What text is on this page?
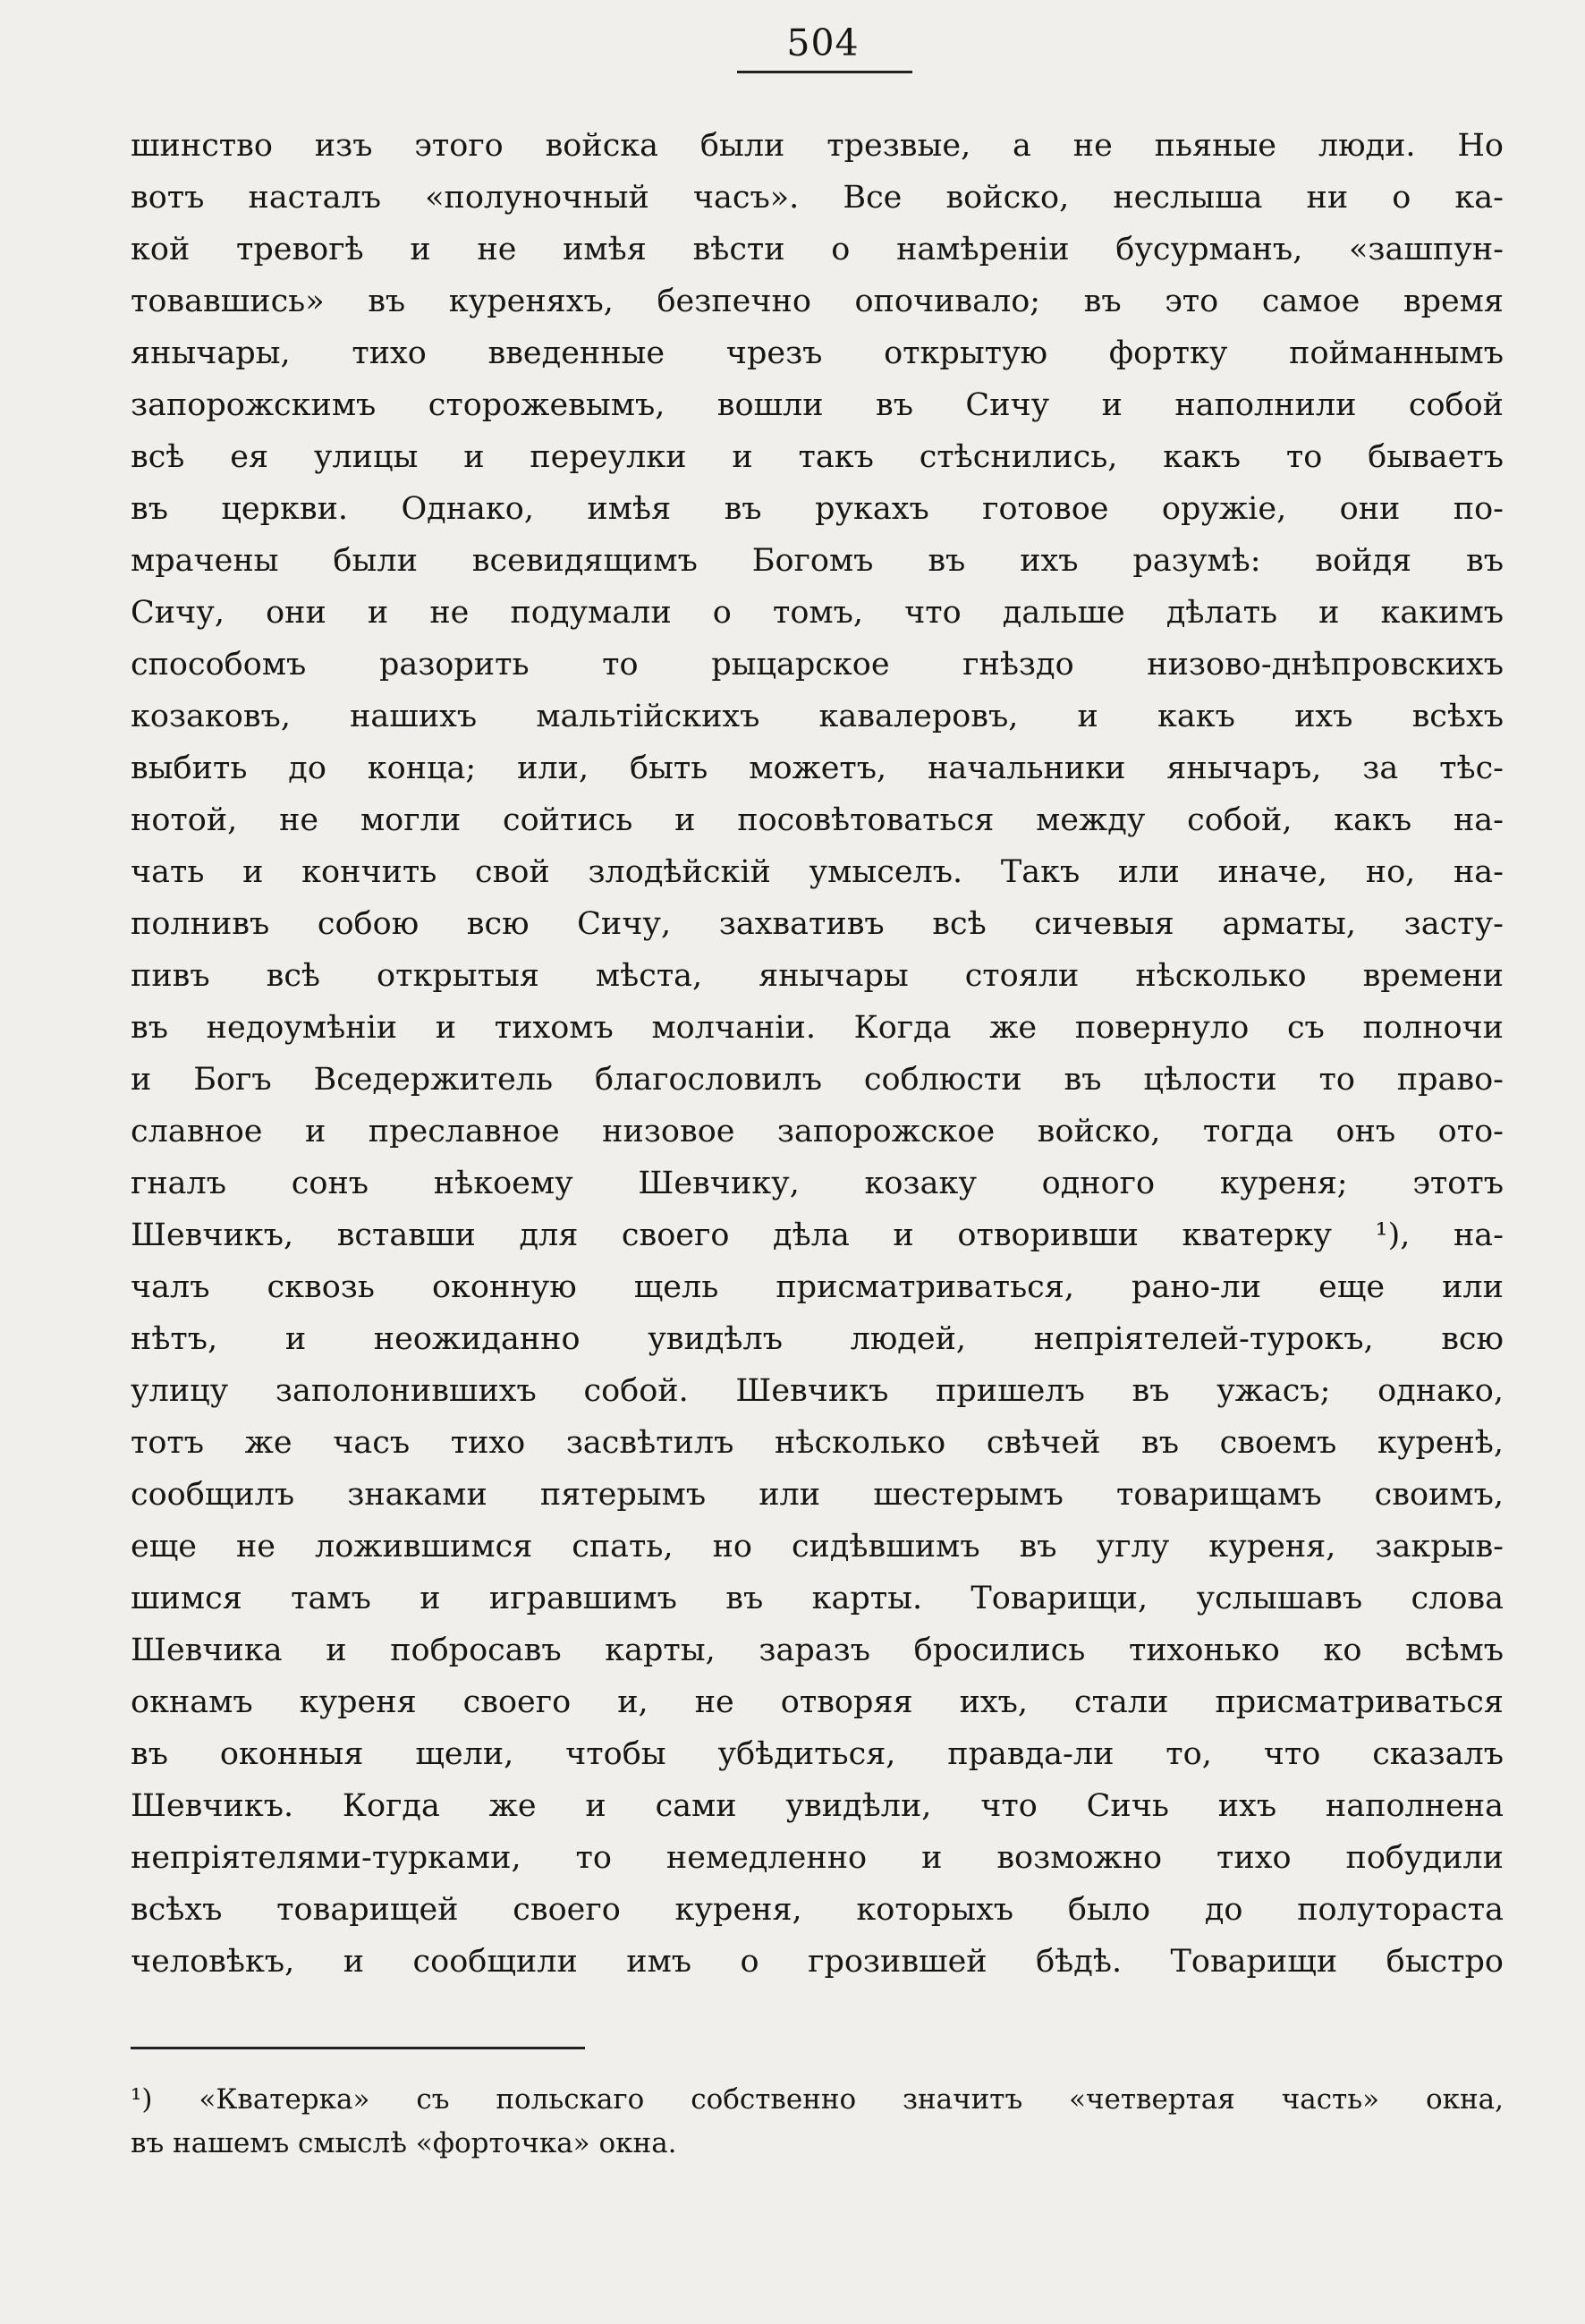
504
шинство изъ этого войска были трезвые, а не пьяные люди. Но
вотъ насталъ «полуночный часъ». Все войско, неслыша ни о ка-
кой тревогѣ и не имѣя вѣсти о намѣреніи бусурманъ, «зашпун-
товавшись» въ куреняхъ, безпечно опочивало; въ это самое время
янычары, тихо введенные чрезъ открытую фортку пойманнымъ
запорожскимъ сторожевымъ, вошли въ Сичу и наполнили собой
всѣ ея улицы и переулки и такъ стѣснились, какъ то бываетъ
въ церкви. Однако, имѣя въ рукахъ готовое оружіе, они по-
мрачены были всевидящимъ Богомъ въ ихъ разумѣ: войдя въ
Сичу, они и не подумали о томъ, что дальше дѣлать и какимъ
способомъ разорить то рыцарское гнѣздо низово-днѣпровскихъ
козаковъ, нашихъ мальтійскихъ кавалеровъ, и какъ ихъ всѣхъ
выбить до конца; или, быть можетъ, начальники янычаръ, за тѣс-
нотой, не могли сойтись и посовѣтоваться между собой, какъ на-
чать и кончить свой злодѣйскій умыселъ. Такъ или иначе, но, на-
полнивъ собою всю Сичу, захвативъ всѣ сичевыя арматы, засту-
пивъ всѣ открытыя мѣста, янычары стояли нѣсколько времени
въ недоумѣніи и тихомъ молчаніи. Когда же повернуло съ полночи
и Богъ Вседержитель благословилъ соблюсти въ цѣлости то право-
славное и преславное низовое запорожское войско, тогда онъ ото-
гналъ сонъ нѣкоему Шевчику, козаку одного куреня; этотъ
Шевчикъ, вставши для своего дѣла и отворивши кватерку ¹), на-
чалъ сквозь оконную щель присматриваться, рано-ли еще или
нѣтъ, и неожиданно увидѣлъ людей, непріятелей-турокъ, всю
улицу заполонившихъ собой. Шевчикъ пришелъ въ ужасъ; однако,
тотъ же часъ тихо засвѣтилъ нѣсколько свѣчей въ своемъ куренѣ,
сообщилъ знаками пятерымъ или шестерымъ товарищамъ своимъ,
еще не ложившимся спать, но сидѣвшимъ въ углу куреня, закрыв-
шимся тамъ и игравшимъ въ карты. Товарищи, услышавъ слова
Шевчика и побросавъ карты, заразъ бросились тихонько ко всѣмъ
окнамъ куреня своего и, не отворяя ихъ, стали присматриваться
въ оконныя щели, чтобы убѣдиться, правда-ли то, что сказалъ
Шевчикъ. Когда же и сами увидѣли, что Сичь ихъ наполнена
непріятелями-турками, то немедленно и возможно тихо побудили
всѣхъ товарищей своего куреня, которыхъ было до полутораста
человѣкъ, и сообщили имъ о грозившей бѣдѣ. Товарищи быстро
¹) «Кватерка» съ польскаго собственно значитъ «четвертая часть» окна,
въ нашемъ смыслѣ «форточка» окна.
